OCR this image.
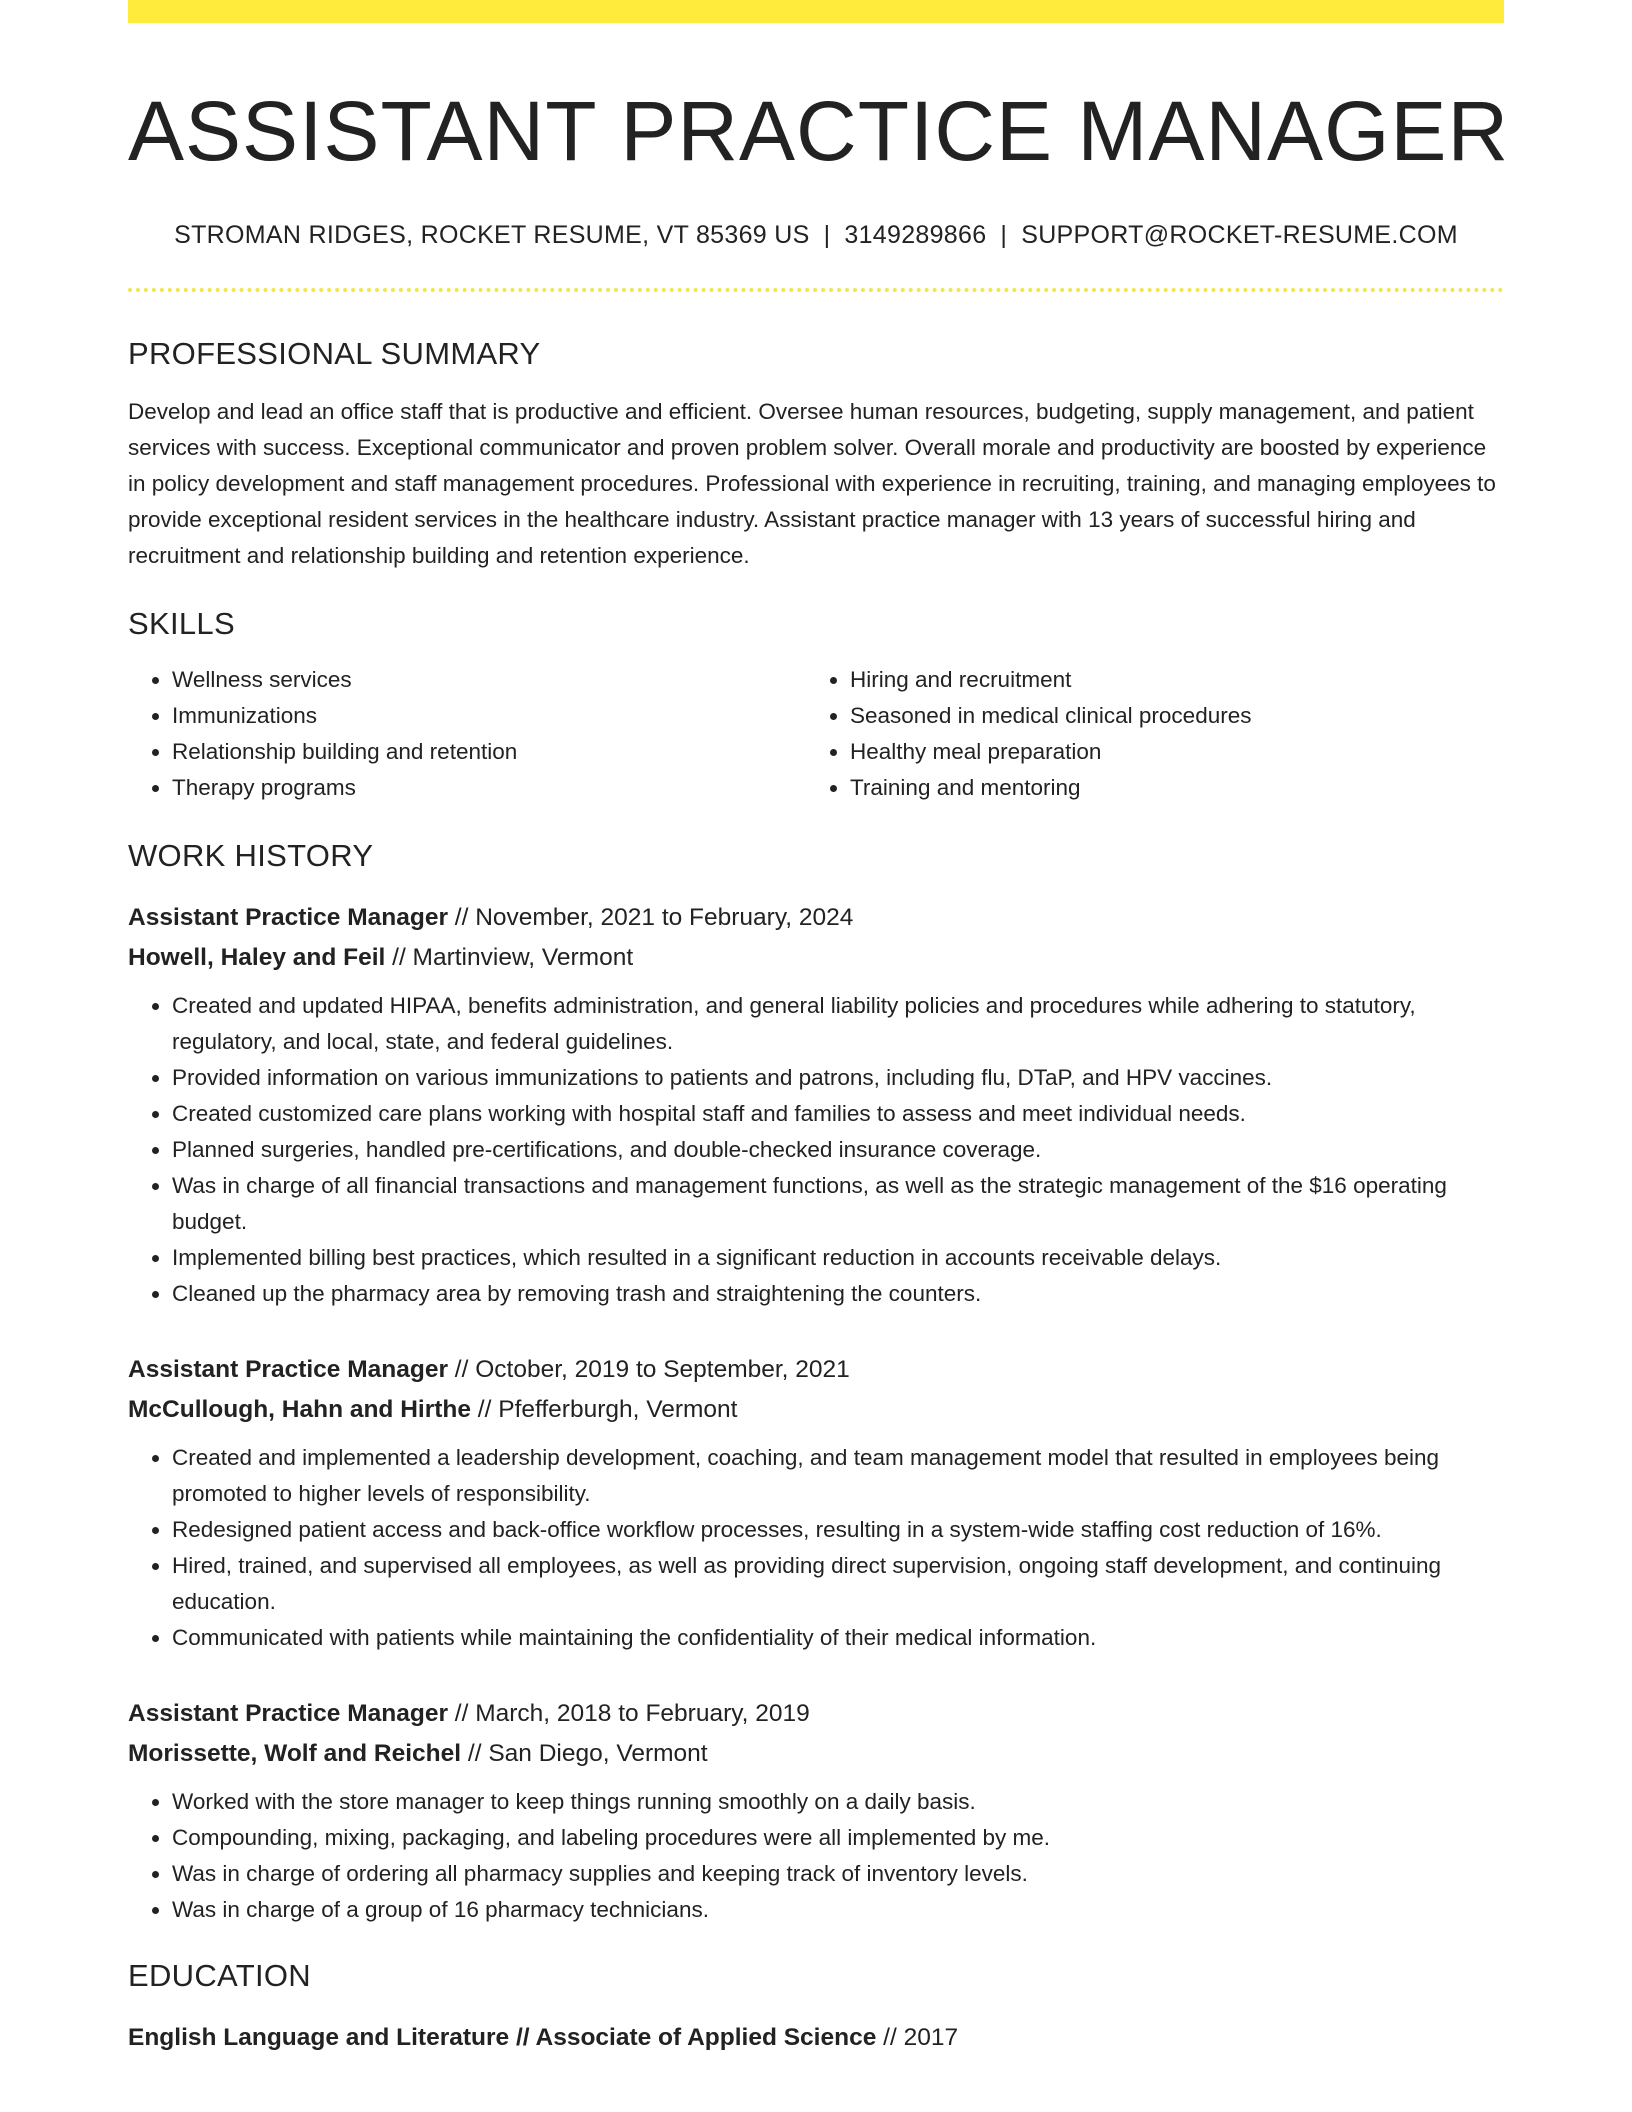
ASSISTANT PRACTICE MANAGER
STROMAN RIDGES, ROCKET RESUME, VT 85369 US | 3149289866 | SUPPORT@ROCKET-RESUME.COM
PROFESSIONAL SUMMARY
Develop and lead an office staff that is productive and efficient. Oversee human resources, budgeting, supply management, and patient services with success. Exceptional communicator and proven problem solver. Overall morale and productivity are boosted by experience in policy development and staff management procedures. Professional with experience in recruiting, training, and managing employees to provide exceptional resident services in the healthcare industry. Assistant practice manager with 13 years of successful hiring and recruitment and relationship building and retention experience.
SKILLS
• Wellness services
• Immunizations
• Relationship building and retention
• Therapy programs
• Hiring and recruitment
• Seasoned in medical clinical procedures
• Healthy meal preparation
• Training and mentoring
WORK HISTORY
Assistant Practice Manager // November, 2021 to February, 2024
Howell, Haley and Feil // Martinview, Vermont
• Created and updated HIPAA, benefits administration, and general liability policies and procedures while adhering to statutory, regulatory, and local, state, and federal guidelines.
• Provided information on various immunizations to patients and patrons, including flu, DTaP, and HPV vaccines.
• Created customized care plans working with hospital staff and families to assess and meet individual needs.
• Planned surgeries, handled pre-certifications, and double-checked insurance coverage.
• Was in charge of all financial transactions and management functions, as well as the strategic management of the $16 operating budget.
• Implemented billing best practices, which resulted in a significant reduction in accounts receivable delays.
• Cleaned up the pharmacy area by removing trash and straightening the counters.
Assistant Practice Manager // October, 2019 to September, 2021
McCullough, Hahn and Hirthe // Pfefferburgh, Vermont
• Created and implemented a leadership development, coaching, and team management model that resulted in employees being promoted to higher levels of responsibility.
• Redesigned patient access and back-office workflow processes, resulting in a system-wide staffing cost reduction of 16%.
• Hired, trained, and supervised all employees, as well as providing direct supervision, ongoing staff development, and continuing education.
• Communicated with patients while maintaining the confidentiality of their medical information.
Assistant Practice Manager // March, 2018 to February, 2019
Morissette, Wolf and Reichel // San Diego, Vermont
• Worked with the store manager to keep things running smoothly on a daily basis.
• Compounding, mixing, packaging, and labeling procedures were all implemented by me.
• Was in charge of ordering all pharmacy supplies and keeping track of inventory levels.
• Was in charge of a group of 16 pharmacy technicians.
EDUCATION
English Language and Literature // Associate of Applied Science // 2017
